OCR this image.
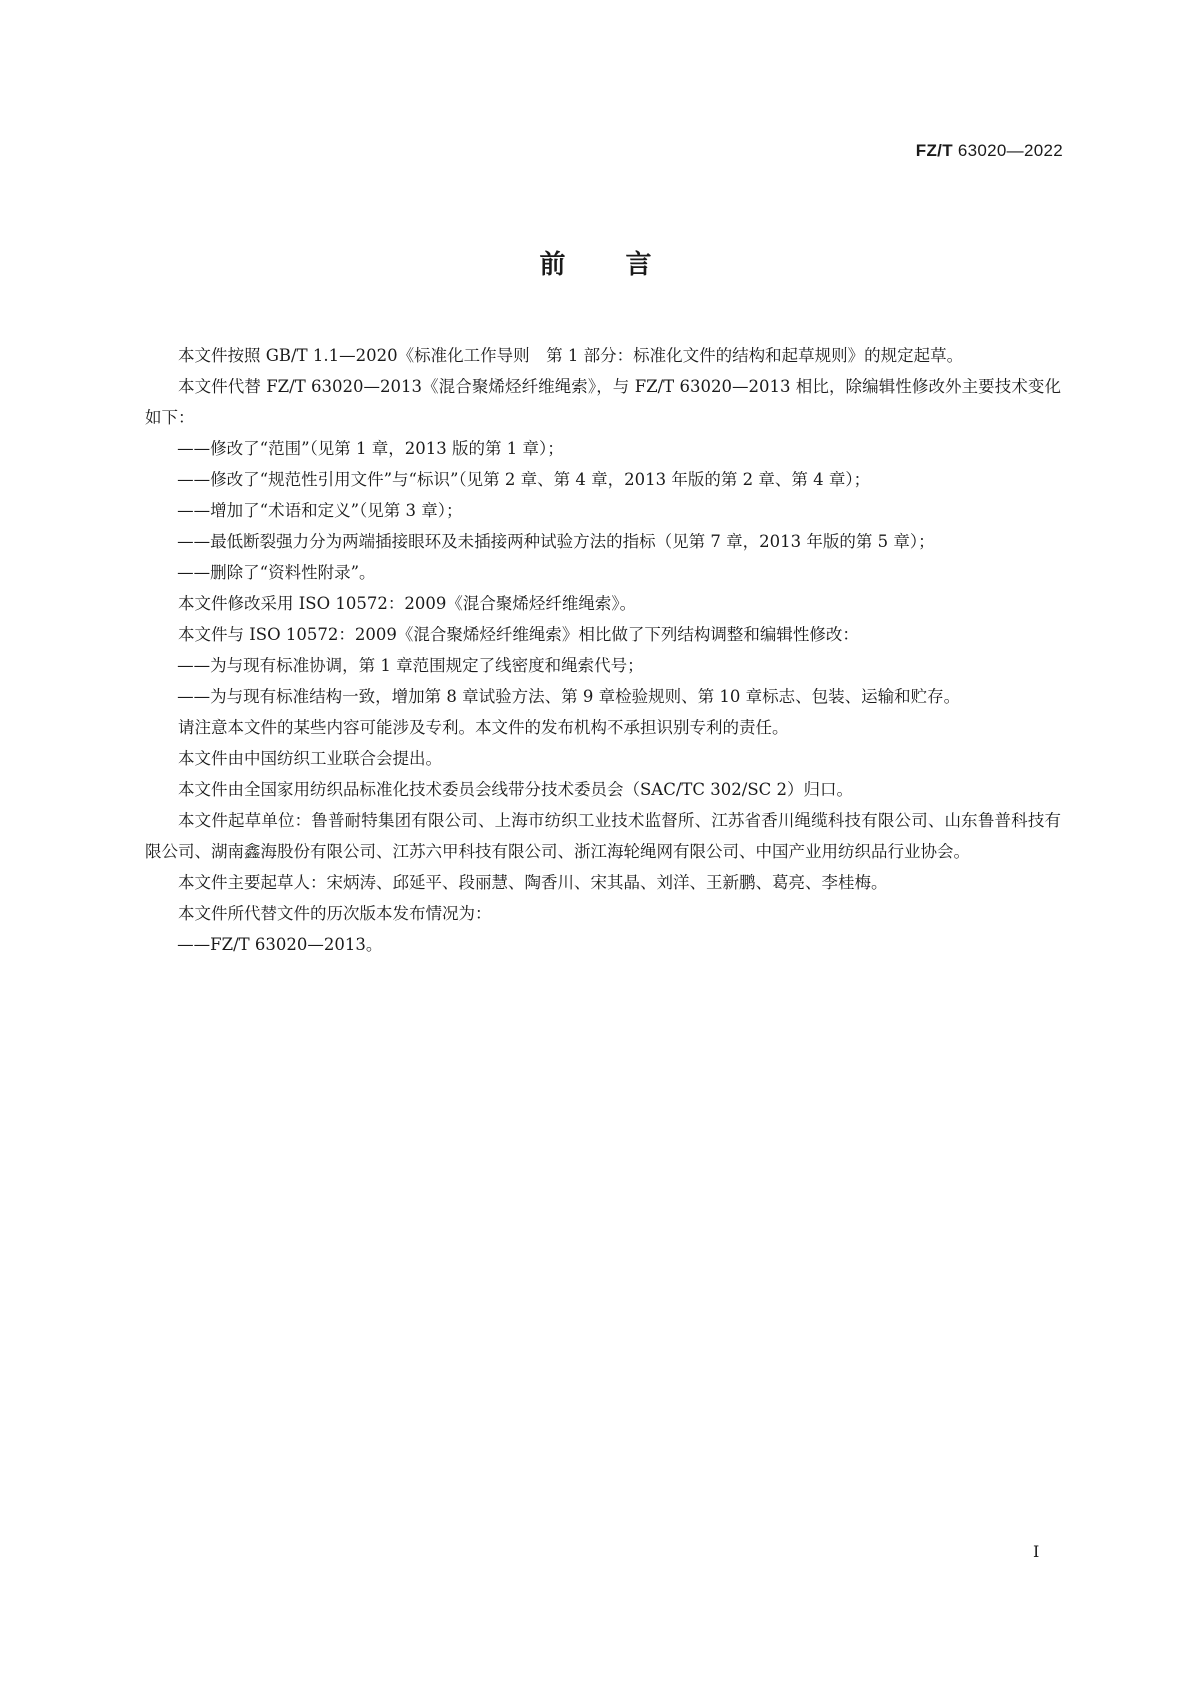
FZ/T 63020—2022
前言

本文件按照 GB/T 1.1—2020《标准化工作导则　第 1 部分：标准化文件的结构和起草规则》的规定起草。

本文件代替 FZ/T 63020—2013《混合聚烯烃纤维绳索》，与 FZ/T 63020—2013 相比，除编辑性修改外主要技术变化如下：

——修改了“范围”（见第 1 章，2013 版的第 1 章）；

——修改了“规范性引用文件”与“标识”（见第 2 章、第 4 章，2013 年版的第 2 章、第 4 章）；

——增加了“术语和定义”（见第 3 章）；

——最低断裂强力分为两端插接眼环及未插接两种试验方法的指标（见第 7 章，2013 年版的第 5 章）；

——删除了“资料性附录”。

本文件修改采用 ISO 10572：2009《混合聚烯烃纤维绳索》。

本文件与 ISO 10572：2009《混合聚烯烃纤维绳索》相比做了下列结构调整和编辑性修改：

——为与现有标准协调，第 1 章范围规定了线密度和绳索代号；

——为与现有标准结构一致，增加第 8 章试验方法、第 9 章检验规则、第 10 章标志、包装、运输和贮存。

请注意本文件的某些内容可能涉及专利。本文件的发布机构不承担识别专利的责任。

本文件由中国纺织工业联合会提出。

本文件由全国家用纺织品标准化技术委员会线带分技术委员会（SAC/TC 302/SC 2）归口。

本文件起草单位：鲁普耐特集团有限公司、上海市纺织工业技术监督所、江苏省香川绳缆科技有限公司、山东鲁普科技有限公司、湖南鑫海股份有限公司、江苏六甲科技有限公司、浙江海轮绳网有限公司、中国产业用纺织品行业协会。

本文件主要起草人：宋炳涛、邱延平、段丽慧、陶香川、宋其晶、刘洋、王新鹏、葛亮、李桂梅。

本文件所代替文件的历次版本发布情况为：

——FZ/T 63020—2013。

I
